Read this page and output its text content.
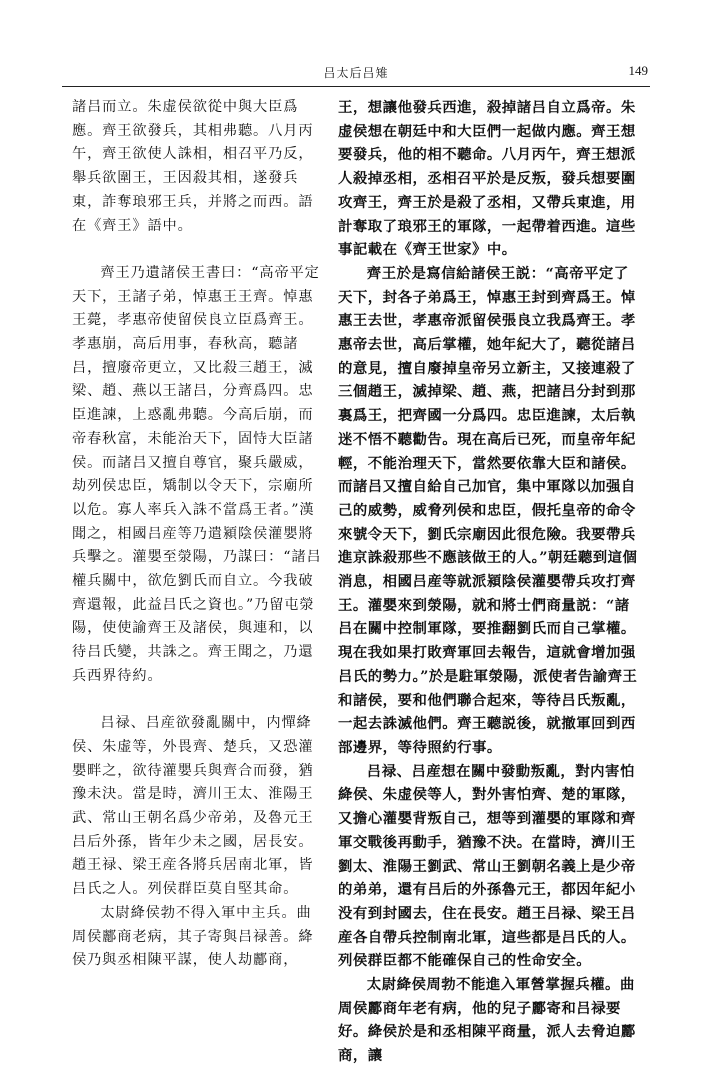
吕太后吕雉	149

諸吕而立。朱虚侯欲從中與大臣爲應。齊王欲發兵，其相弗聽。八月丙午，齊王欲使人誅相，相召平乃反，舉兵欲圍王，王因殺其相，遂發兵東，詐奪琅邪王兵，并將之而西。語在《齊王》語中。

齊王乃遺諸侯王書曰：“高帝平定天下，王諸子弟，悼惠王王齊。悼惠王薨，孝惠帝使留侯良立臣爲齊王。孝惠崩，高后用事，春秋高，聽諸吕，擅廢帝更立，又比殺三趙王，滅梁、趙、燕以王諸吕，分齊爲四。忠臣進諫，上惑亂弗聽。今高后崩，而帝春秋富，未能治天下，固恃大臣諸侯。而諸吕又擅自尊官，聚兵嚴威，劫列侯忠臣，矯制以令天下，宗廟所以危。寡人率兵入誅不當爲王者。”漢聞之，相國吕産等乃遣潁陰侯灌嬰將兵擊之。灌嬰至滎陽，乃謀曰：“諸吕權兵關中，欲危劉氏而自立。今我破齊還報，此益吕氏之資也。”乃留屯滎陽，使使諭齊王及諸侯，與連和，以待吕氏變，共誅之。齊王聞之，乃還兵西界待約。

吕禄、吕産欲發亂關中，内憚絳侯、朱虚等，外畏齊、楚兵，又恐灌嬰畔之，欲待灌嬰兵與齊合而發，猶豫未決。當是時，濟川王太、淮陽王武、常山王朝名爲少帝弟，及魯元王吕后外孫，皆年少未之國，居長安。趙王禄、梁王産各將兵居南北軍，皆吕氏之人。列侯群臣莫自堅其命。

太尉絳侯勃不得入軍中主兵。曲周侯酈商老病，其子寄與吕禄善。絳侯乃與丞相陳平謀，使人劫酈商，

王，想讓他發兵西進，殺掉諸吕自立爲帝。朱虚侯想在朝廷中和大臣們一起做内應。齊王想要發兵，他的相不聽命。八月丙午，齊王想派人殺掉丞相，丞相召平於是反叛，發兵想要圍攻齊王，齊王於是殺了丞相，又帶兵東進，用計奪取了琅邪王的軍隊，一起帶着西進。這些事記載在《齊王世家》中。

齊王於是寫信給諸侯王説：“高帝平定了天下，封各子弟爲王，悼惠王封到齊爲王。悼惠王去世，孝惠帝派留侯張良立我爲齊王。孝惠帝去世，高后掌權，她年紀大了，聽從諸吕的意見，擅自廢掉皇帝另立新主，又接連殺了三個趙王，滅掉梁、趙、燕，把諸吕分封到那裏爲王，把齊國一分爲四。忠臣進諫，太后執迷不悟不聽勸告。現在高后已死，而皇帝年紀輕，不能治理天下，當然要依靠大臣和諸侯。而諸吕又擅自給自己加官，集中軍隊以加强自己的威勢，威脅列侯和忠臣，假托皇帝的命令來號令天下，劉氏宗廟因此很危險。我要帶兵進京誅殺那些不應該做王的人。”朝廷聽到這個消息，相國吕産等就派潁陰侯灌嬰帶兵攻打齊王。灌嬰來到滎陽，就和將士們商量説：“諸吕在關中控制軍隊，要推翻劉氏而自己掌權。現在我如果打敗齊軍回去報告，這就會增加强吕氏的勢力。”於是駐軍滎陽，派使者告諭齊王和諸侯，要和他們聯合起來，等待吕氏叛亂，一起去誅滅他們。齊王聽説後，就撤軍回到西部邊界，等待照約行事。

吕禄、吕産想在關中發動叛亂，對内害怕絳侯、朱虚侯等人，對外害怕齊、楚的軍隊，又擔心灌嬰背叛自己，想等到灌嬰的軍隊和齊軍交戰後再動手，猶豫不決。在當時，濟川王劉太、淮陽王劉武、常山王劉朝名義上是少帝的弟弟，還有吕后的外孫魯元王，都因年紀小没有到封國去，住在長安。趙王吕禄、梁王吕産各自帶兵控制南北軍，這些都是吕氏的人。列侯群臣都不能確保自己的性命安全。

太尉絳侯周勃不能進入軍營掌握兵權。曲周侯酈商年老有病，他的兒子酈寄和吕禄要好。絳侯於是和丞相陳平商量，派人去脅迫酈商，讓
